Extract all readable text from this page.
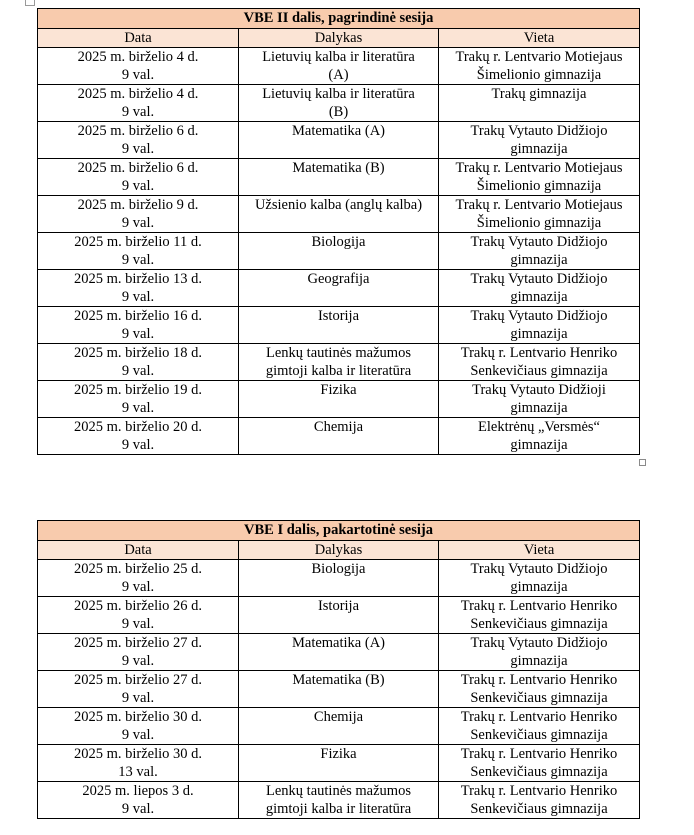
VBE II dalis, pagrindinė sesija		
Data	Dalykas	Vieta

2025 m. birželio 4 d.
9 val.	Lietuvių kalba ir literatūra
(A)	Trakų r. Lentvario Motiejaus
Šimelionio gimnazija

2025 m. birželio 4 d.
9 val.	Lietuvių kalba ir literatūra
(B)	Trakų gimnazija

2025 m. birželio 6 d.
9 val.	Matematika (A)	Trakų Vytauto Didžiojo
gimnazija

2025 m. birželio 6 d.
9 val.	Matematika (B)	Trakų r. Lentvario Motiejaus
Šimelionio gimnazija

2025 m. birželio 9 d.
9 val.	Užsienio kalba (anglų kalba)	Trakų r. Lentvario Motiejaus
Šimelionio gimnazija

2025 m. birželio 11 d.
9 val.	Biologija	Trakų Vytauto Didžiojo
gimnazija

2025 m. birželio 13 d.
9 val.	Geografija	Trakų Vytauto Didžiojo
gimnazija

2025 m. birželio 16 d.
9 val.	Istorija	Trakų Vytauto Didžiojo
gimnazija

2025 m. birželio 18 d.
9 val.	Lenkų tautinės mažumos
gimtoji kalba ir literatūra	Trakų r. Lentvario Henriko
Senkevičiaus gimnazija

2025 m. birželio 19 d.
9 val.	Fizika	Trakų Vytauto Didžioji
gimnazija

2025 m. birželio 20 d.
9 val.	Chemija	Elektrėnų „Versmės“
gimnazija
VBE I dalis, pakartotinė sesija		
Data	Dalykas	Vieta

2025 m. birželio 25 d.
9 val.	Biologija	Trakų Vytauto Didžiojo
gimnazija

2025 m. birželio 26 d.
9 val.	Istorija	Trakų r. Lentvario Henriko
Senkevičiaus gimnazija

2025 m. birželio 27 d.
9 val.	Matematika (A)	Trakų Vytauto Didžiojo
gimnazija

2025 m. birželio 27 d.
9 val.	Matematika (B)	Trakų r. Lentvario Henriko
Senkevičiaus gimnazija

2025 m. birželio 30 d.
9 val.	Chemija	Trakų r. Lentvario Henriko
Senkevičiaus gimnazija

2025 m. birželio 30 d.
13 val.	Fizika	Trakų r. Lentvario Henriko
Senkevičiaus gimnazija

2025 m. liepos 3 d.
9 val.	Lenkų tautinės mažumos
gimtoji kalba ir literatūra	Trakų r. Lentvario Henriko
Senkevičiaus gimnazija
